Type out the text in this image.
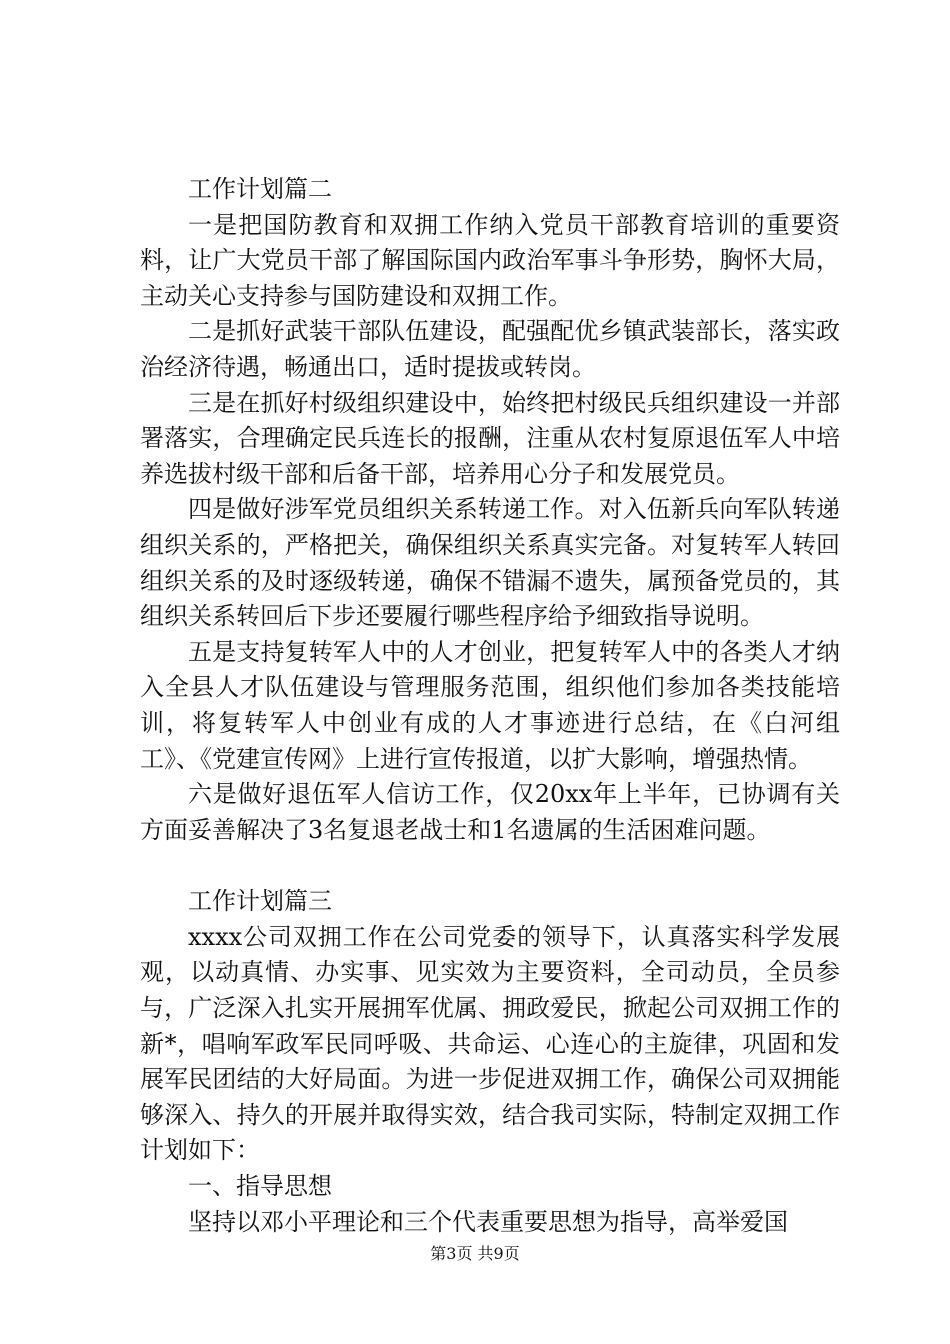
工作计划篇二

一是把国防教育和双拥工作纳入党员干部教育培训的重要资料，让广大党员干部了解国际国内政治军事斗争形势，胸怀大局，主动关心支持参与国防建设和双拥工作。

二是抓好武装干部队伍建设，配强配优乡镇武装部长，落实政治经济待遇，畅通出口，适时提拔或转岗。

三是在抓好村级组织建设中，始终把村级民兵组织建设一并部署落实，合理确定民兵连长的报酬，注重从农村复原退伍军人中培养选拔村级干部和后备干部，培养用心分子和发展党员。

四是做好涉军党员组织关系转递工作。对入伍新兵向军队转递组织关系的，严格把关，确保组织关系真实完备。对复转军人转回组织关系的及时逐级转递，确保不错漏不遗失，属预备党员的，其组织关系转回后下步还要履行哪些程序给予细致指导说明。

五是支持复转军人中的人才创业，把复转军人中的各类人才纳入全县人才队伍建设与管理服务范围，组织他们参加各类技能培训，将复转军人中创业有成的人才事迹进行总结，在《白河组工》、《党建宣传网》上进行宣传报道，以扩大影响，增强热情。

六是做好退伍军人信访工作，仅20xx年上半年，已协调有关方面妥善解决了3名复退老战士和1名遗属的生活困难问题。

工作计划篇三

xxxx公司双拥工作在公司党委的领导下，认真落实科学发展观，以动真情、办实事、见实效为主要资料，全司动员，全员参与，广泛深入扎实开展拥军优属、拥政爱民，掀起公司双拥工作的新*，唱响军政军民同呼吸、共命运、心连心的主旋律，巩固和发展军民团结的大好局面。为进一步促进双拥工作，确保公司双拥能够深入、持久的开展并取得实效，结合我司实际，特制定双拥工作计划如下：

一、指导思想

坚持以邓小平理论和三个代表重要思想为指导，高举爱国

第3页 共9页
